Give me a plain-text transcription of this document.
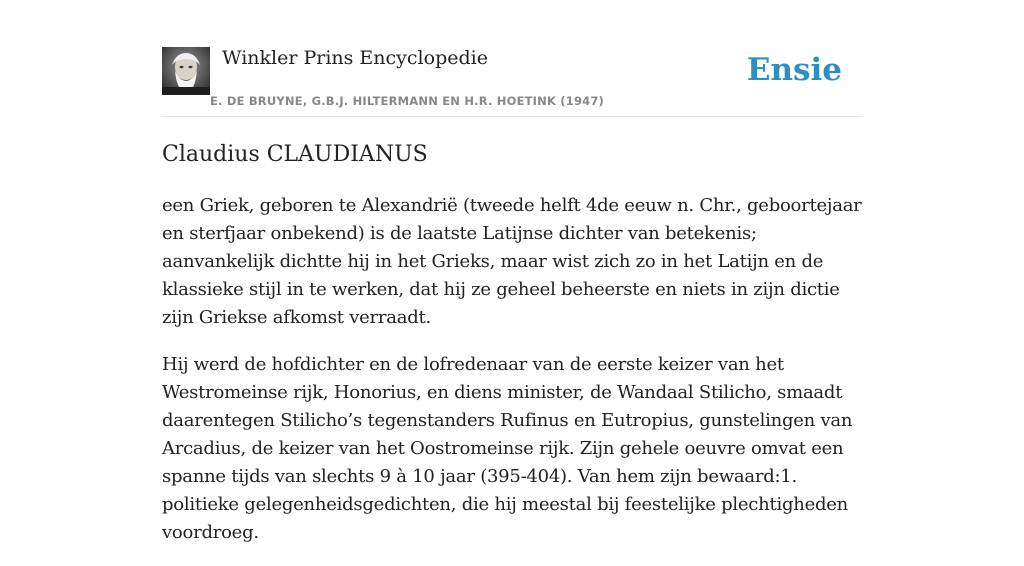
Winkler Prins Encyclopedie
E. DE BRUYNE, G.B.J. HILTERMANN EN H.R. HOETINK (1947)
Ensie
Claudius CLAUDIANUS

een Griek, geboren te Alexandrië (tweede helft 4de eeuw n. Chr., geboortejaar en sterfjaar onbekend) is de laatste Latijnse dichter van betekenis; aanvankelijk dichtte hij in het Grieks, maar wist zich zo in het Latijn en de klassieke stijl in te werken, dat hij ze geheel beheerste en niets in zijn dictie zijn Griekse afkomst verraadt.

Hij werd de hofdichter en de lofredenaar van de eerste keizer van het Westromeinse rijk, Honorius, en diens minister, de Wandaal Stilicho, smaadt daarentegen Stilicho’s tegenstanders Rufinus en Eutropius, gunstelingen van Arcadius, de keizer van het Oostromeinse rijk. Zijn gehele oeuvre omvat een spanne tijds van slechts 9 à 10 jaar (395-404). Van hem zijn bewaard:1. politieke gelegenheidsgedichten, die hij meestal bij feestelijke plechtigheden voordroeg.
